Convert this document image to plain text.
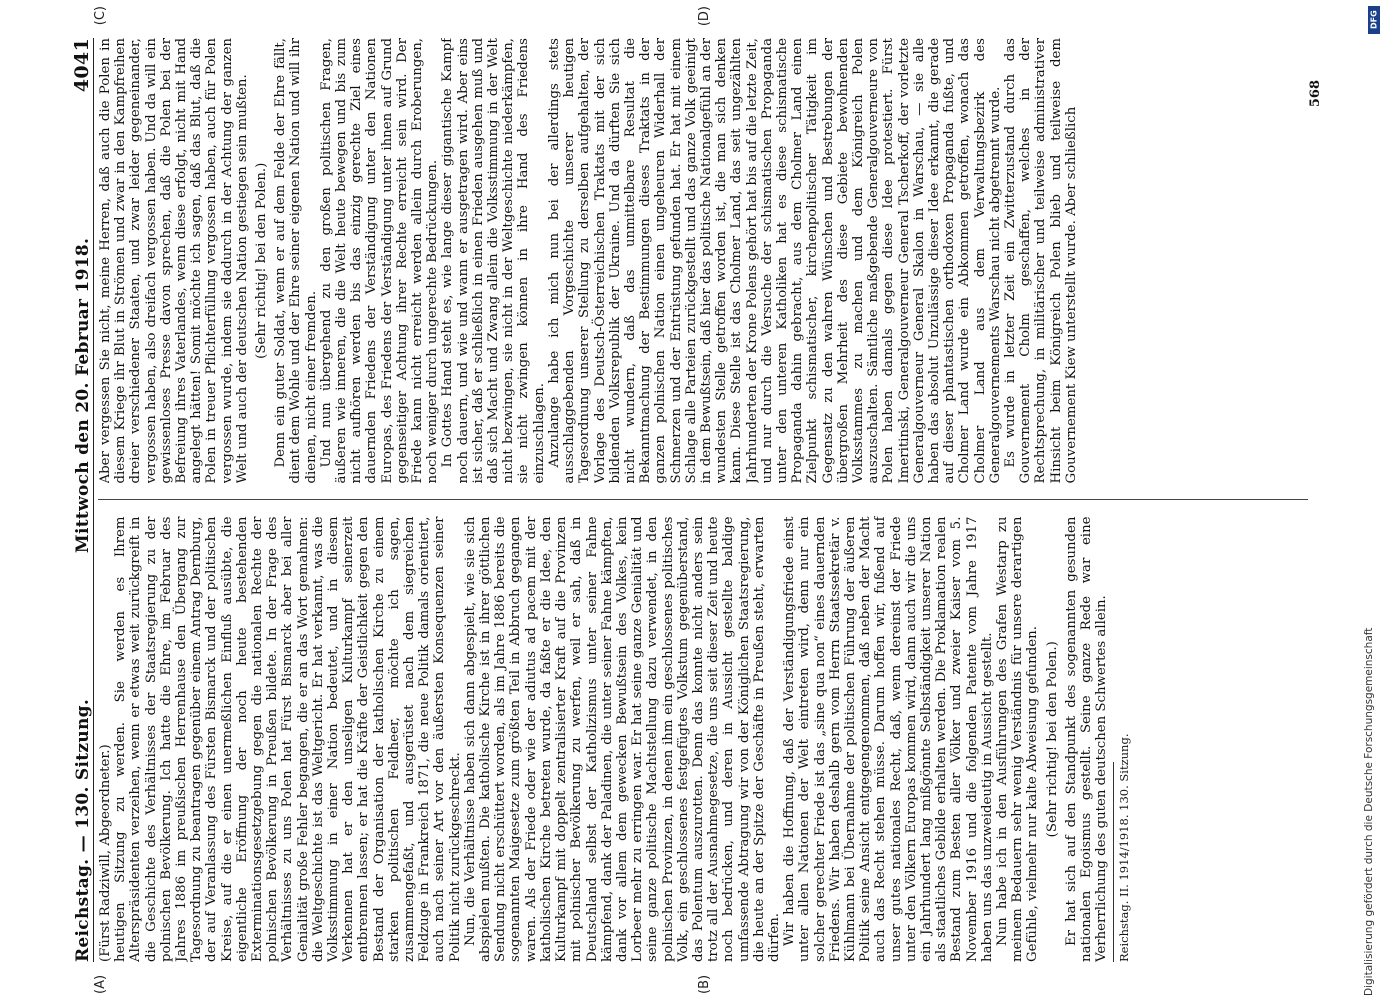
Reichstag. — 130. Sitzung.
Mittwoch den 20. Februar 1918.
4041

(Fürst Radziwill, Abgeordneter.) heutigen Sitzung zu werden. Sie werden es Ihrem Alterspräsidenten verzeihen, wenn er etwas weit zurückgreift in die Geschichte des Verhältnisses der Staatsregierung zu der polnischen Bevölkerung. Ich hatte die Ehre, im Februar des Jahres 1886 im preußischen Herrenhause den Übergang zur Tagesordnung zu beantragen gegenüber einem Antrag Dernburg, der auf Veranlassung des Fürsten Bismarck und der politischen Kreise, auf die er einen unermeßlichen Einfluß ausübte, die eigentliche Eröffnung der noch heute bestehenden Exterminationsgesetzgebung gegen die nationalen Rechte der polnischen Bevölkerung in Preußen bildete. In der Frage des Verhältnisses zu uns Polen hat Fürst Bismarck aber bei aller Genialität große Fehler begangen, die er an das Wort gemahnen: die Weltgeschichte ist das Weltgericht. Er hat verkannt, was die Volksstimmung in einer Nation bedeutet, und in diesem Verkennen hat er den unseligen Kulturkampf seinerzeit entbrennen lassen; er hat die Kräfte der Geistlichkeit gegen den Bestand der Organisation der katholischen Kirche zu einem starken politischen Feldheer, möchte ich sagen, zusammengefaßt, und ausgerüstet nach dem siegreichen Feldzuge in Frankreich 1871, die neue Politik damals orientiert, auch nach seiner Art vor den äußersten Konsequenzen seiner Politik nicht zurückgeschreckt. Nun, die Verhältnisse haben sich dann abgespielt, wie sie sich abspielen mußten. Die katholische Kirche ist in ihrer göttlichen Sendung nicht erschüttert worden, als im Jahre 1886 bereits die sogenannten Maigesetze zum größten Teil in Abbruch gegangen waren. Als der Friede oder wie der adiutus ad pacem mit der katholischen Kirche betreten wurde, da faßte er die Idee, den Kulturkampf mit doppelt zentralisierter Kraft auf die Provinzen mit polnischer Bevölkerung zu werfen, weil er sah, daß in Deutschland selbst der Katholizismus unter seiner Fahne kämpfend, dank der Paladinen, die unter seiner Fahne kämpften, dank vor allem dem gewecken Bewußtsein des Volkes, kein Lorbeer mehr zu erringen war. Er hat seine ganze Genialität und seine ganze politische Machtstellung dazu verwendet, in den polnischen Provinzen, in denen ihm ein geschlossenes politisches Volk, ein geschlossenes festgefügtes Volkstum gegenüberstand, das Polentum auszurotten. Denn das konnte nicht anders sein trotz all der Ausnahmegesetze, die uns seit dieser Zeit und heute noch bedrücken, und deren in Aussicht gestellte baldige umfassende Abtragung wir von der Königlichen Staatsregierung, die heute an der Spitze der Geschäfte in Preußen steht, erwarten dürfen. Wir haben die Hoffnung, daß der Verständigungsfriede einst unter allen Nationen der Welt eintreten wird, denn nur ein solcher gerechter Friede ist das „sine qua non“ eines dauernden Friedens. Wir haben deshalb gern vom Herrn Staatssekretär v. Kühlmann bei Übernahme der politischen Führung der äußeren Politik seine Ansicht entgegengenommen, daß neben der Macht auch das Recht stehen müsse. Darum hoffen wir, fußend auf unser gutes nationales Recht, daß, wenn dereinst der Friede unter den Völkern Europas kommen wird, dann auch wir die uns ein Jahrhundert lang mißgönnte Selbständigkeit unserer Nation als staatliches Gebilde erhalten werden. Die Proklamation realen Bestand zum Besten aller Völker und zweier Kaiser vom 5. November 1916 und die folgenden Patente vom Jahre 1917 haben uns das unzweideutig in Aussicht gestellt. Nun habe ich in den Ausführungen des Grafen Westarp zu meinem Bedauern sehr wenig Verständnis für unsere derartigen Gefühle, vielmehr nur kalte Abweisung gefunden. (Sehr richtig! bei den Polen.) Er hat sich auf den Standpunkt des sogenannten gesunden nationalen Egoismus gestellt. Seine ganze Rede war eine Verherrlichung des guten deutschen Schwertes allein. Reichstag. II. 1914/1918. 130. Sitzung.

Aber vergessen Sie nicht, meine Herren, daß auch die Polen in diesem Kriege ihr Blut in Strömen und zwar in den Kampfreihen dreier verschiedener Staaten, und zwar leider gegeneinander, vergossen haben, also dreifach vergossen haben. Und da will ein gewissenloses Presse davon sprechen, daß die Polen bei der Befreiung ihres Vaterlandes, wenn diese erfolgt, nicht mit Hand angelegt hätten! Somit möchte ich sagen, daß das Blut, daß die Polen in treuer Pflichterfüllung vergossen haben, auch für Polen vergossen wurde, indem sie dadurch in der Achtung der ganzen Welt und auch der deutschen Nation gestiegen sein mußten. (Sehr richtig! bei den Polen.) Denn ein guter Soldat, wenn er auf dem Felde der Ehre fällt, dient dem Wohle und der Ehre seiner eigenen Nation und will ihr dienen, nicht einer fremden. Und nun übergehend zu den großen politischen Fragen, äußeren wie inneren, die die Welt heute bewegen und bis zum nicht aufhören werden bis das einzig gerechte Ziel eines dauernden Friedens der Verständigung unter den Nationen Europas, des Friedens der Verständigung unter ihnen auf Grund gegenseitiger Achtung ihrer Rechte erreicht sein wird. Der Friede kann nicht erreicht werden allein durch Eroberungen, noch weniger durch ungerechte Bedrückungen. In Gottes Hand steht es, wie lange dieser gigantische Kampf noch dauern, und wie und wann er ausgetragen wird. Aber eins ist sicher, daß er schließlich in einen Frieden ausgehen muß und daß sich Macht und Zwang allein die Volksstimmung in der Welt nicht bezwingen, sie nicht in der Weltgeschichte niederkämpfen, sie nicht zwingen können in ihre Hand des Friedens einzuschlagen. Anzulange habe ich mich nun bei der allerdings stets ausschlaggebenden Vorgeschichte unserer heutigen Tagesordnung unserer Stellung zu derselben aufgehalten, der Vorlage des Deutsch-Österreichischen Traktats mit der sich bildenden Volksrepublik der Ukraine. Und da dürften Sie sich nicht wundern, daß das unmittelbare Resultat die Bekanntmachung der Bestimmungen dieses Traktats in der ganzen polnischen Nation einen ungeheuren Widerhall der Schmerzen und der Entrüstung gefunden hat. Er hat mit einem Schlage alle Parteien zurückgestellt und das ganze Volk geeinigt in dem Bewußtsein, daß hier das politische Nationalgefühl an der wundesten Stelle getroffen worden ist, die man sich denken kann. Diese Stelle ist das Cholmer Land, das seit ungezählten Jahrhunderten der Krone Polens gehört hat bis auf die letzte Zeit, und nur durch die Versuche der schismatischen Propaganda unter den unteren Katholiken hat es diese schismatische Propaganda dahin gebracht, aus dem Cholmer Land einen Zielpunkt schismatischer, kirchenpolitischer Tätigkeit im Gegensatz zu den wahren Wünschen und Bestrebungen der übergroßen Mehrheit des diese Gebiete bewohnenden Volksstammes zu machen und dem Königreich Polen auszuschalten. Sämtliche maßgebende Generalgouverneure von Polen haben damals gegen diese Idee protestiert. Fürst Imeritinski, Generalgouverneur General Tscherkoff, der vorletzte Generalgouverneur General Skalon in Warschau, — sie alle haben das absolut Unzulässige dieser Idee erkannt, die gerade auf dieser phantastischen orthodoxen Propaganda fußte, und Cholmer Land wurde ein Abkommen getroffen, wonach das Cholmer Land aus dem Verwaltungsbezirk des Generalgouvernements Warschau nicht abgetrennt wurde. Es wurde in letzter Zeit ein Zwitterzustand durch das Gouvernement Cholm geschaffen, welches in der Rechtsprechung, in militärischer und teilweise administrativer Hinsicht beim Königreich Polen blieb und teilweise dem Gouvernement Kiew unterstellt wurde. Aber schließlich

(A)	(B)
(C)	(D)
568
Digitalisierung gefördert durch die Deutsche Forschungsgemeinschaft
DFG
